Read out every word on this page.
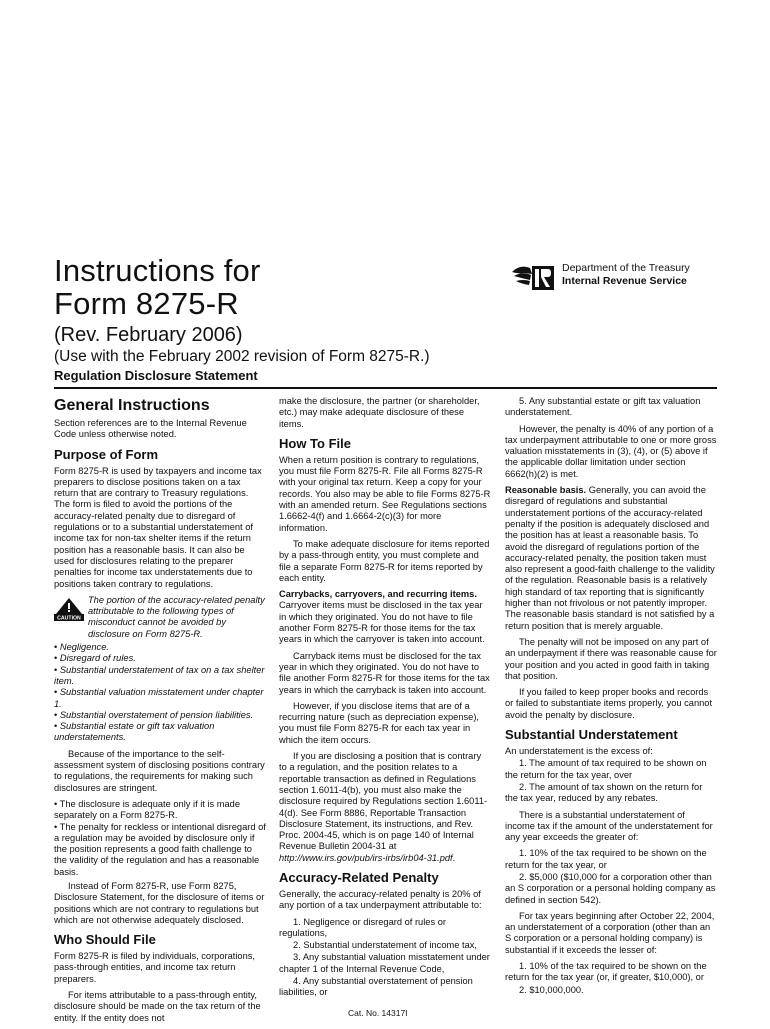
Instructions for
Form 8275-R
(Rev. February 2006)
Department of the Treasury
Internal Revenue Service
(Use with the February 2002 revision of Form 8275-R.)
Regulation Disclosure Statement
General Instructions

Section references are to the Internal Revenue Code unless otherwise noted.

Purpose of Form

Form 8275-R is used by taxpayers and income tax preparers to disclose positions taken on a tax return that are contrary to Treasury regulations. The form is filed to avoid the portions of the accuracy-related penalty due to disregard of regulations or to a substantial understatement of income tax for non-tax shelter items if the return position has a reasonable basis. It can also be used for disclosures relating to the preparer penalties for income tax understatements due to positions taken contrary to regulations.

CAUTION
The portion of the accuracy-related penalty attributable to the following types of misconduct cannot be avoided by disclosure on Form 8275-R.
• Negligence.
• Disregard of rules.
• Substantial understatement of tax on a tax shelter item.
• Substantial valuation misstatement under chapter 1.
• Substantial overstatement of pension liabilities.
• Substantial estate or gift tax valuation understatements.

Because of the importance to the self-assessment system of disclosing positions contrary to regulations, the requirements for making such disclosures are stringent.

• The disclosure is adequate only if it is made separately on a Form 8275-R.
• The penalty for reckless or intentional disregard of a regulation may be avoided by disclosure only if the position represents a good faith challenge to the validity of the regulation and has a reasonable basis.

Instead of Form 8275-R, use Form 8275, Disclosure Statement, for the disclosure of items or positions which are not contrary to regulations but which are not otherwise adequately disclosed.

Who Should File

Form 8275-R is filed by individuals, corporations, pass-through entities, and income tax return preparers.

For items attributable to a pass-through entity, disclosure should be made on the tax return of the entity. If the entity does not

make the disclosure, the partner (or shareholder, etc.) may make adequate disclosure of these items.

How To File

When a return position is contrary to regulations, you must file Form 8275-R. File all Forms 8275-R with your original tax return. Keep a copy for your records. You also may be able to file Forms 8275-R with an amended return. See Regulations sections 1.6662-4(f) and 1.6664-2(c)(3) for more information.

To make adequate disclosure for items reported by a pass-through entity, you must complete and file a separate Form 8275-R for items reported by each entity.

Carrybacks, carryovers, and recurring items. Carryover items must be disclosed in the tax year in which they originated. You do not have to file another Form 8275-R for those items for the tax years in which the carryover is taken into account.

Carryback items must be disclosed for the tax year in which they originated. You do not have to file another Form 8275-R for those items for the tax years in which the carryback is taken into account.

However, if you disclose items that are of a recurring nature (such as depreciation expense), you must file Form 8275-R for each tax year in which the item occurs.

If you are disclosing a position that is contrary to a regulation, and the position relates to a reportable transaction as defined in Regulations section 1.6011-4(b), you must also make the disclosure required by Regulations section 1.6011-4(d). See Form 8886, Reportable Transaction Disclosure Statement, its instructions, and Rev. Proc. 2004-45, which is on page 140 of Internal Revenue Bulletin 2004-31 at http://www.irs.gov/pub/irs-irbs/irb04-31.pdf.

Accuracy-Related Penalty

Generally, the accuracy-related penalty is 20% of any portion of a tax underpayment attributable to:

1. Negligence or disregard of rules or regulations,

2. Substantial understatement of income tax,

3. Any substantial valuation misstatement under chapter 1 of the Internal Revenue Code,

4. Any substantial overstatement of pension liabilities, or

5. Any substantial estate or gift tax valuation understatement.

However, the penalty is 40% of any portion of a tax underpayment attributable to one or more gross valuation misstatements in (3), (4), or (5) above if the applicable dollar limitation under section 6662(h)(2) is met.

Reasonable basis. Generally, you can avoid the disregard of regulations and substantial understatement portions of the accuracy-related penalty if the position is adequately disclosed and the position has at least a reasonable basis. To avoid the disregard of regulations portion of the accuracy-related penalty, the position taken must also represent a good-faith challenge to the validity of the regulation. Reasonable basis is a relatively high standard of tax reporting that is significantly higher than not frivolous or not patently improper. The reasonable basis standard is not satisfied by a return position that is merely arguable.

The penalty will not be imposed on any part of an underpayment if there was reasonable cause for your position and you acted in good faith in taking that position.

If you failed to keep proper books and records or failed to substantiate items properly, you cannot avoid the penalty by disclosure.

Substantial Understatement

An understatement is the excess of:

1. The amount of tax required to be shown on the return for the tax year, over

2. The amount of tax shown on the return for the tax year, reduced by any rebates.

There is a substantial understatement of income tax if the amount of the understatement for any year exceeds the greater of:

1. 10% of the tax required to be shown on the return for the tax year, or

2. $5,000 ($10,000 for a corporation other than an S corporation or a personal holding company as defined in section 542).

For tax years beginning after October 22, 2004, an understatement of a corporation (other than an S corporation or a personal holding company) is substantial if it exceeds the lesser of:

1. 10% of the tax required to be shown on the return for the tax year (or, if greater, $10,000), or

2. $10,000,000.

Cat. No. 14317I
